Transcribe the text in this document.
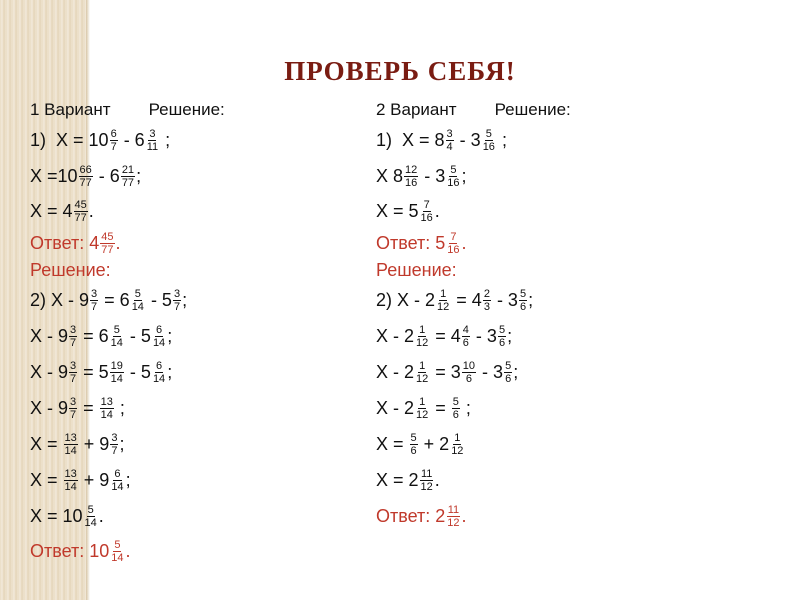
ПРОВЕРЬ СЕБЯ!
1 Вариант Решение:
1)  $X = 10 \frac{6}{7} - 6 \frac{3}{11}$ ;
$X =10 \frac{66}{77} - 6 \frac{21}{77}$ ;
$X = 4 \frac{45}{77}$ .
Ответ: $4 \frac{45}{77}$ .
Решение:
2) $X - 9 \frac{3}{7} = 6 \frac{5}{14} - 5 \frac{3}{7}$ ;
$X - 9 \frac{3}{7} = 6 \frac{5}{14} - 5 \frac{6}{14}$ ;
$X - 9 \frac{3}{7} = 5 \frac{19}{14} - 5 \frac{6}{14}$ ;
$X - 9 \frac{3}{7} = \frac{13}{14}$ ;
$X = \frac{13}{14} + 9 \frac{3}{7}$ ;
$X = \frac{13}{14} + 9 \frac{6}{14}$ ;
$X = 10 \frac{5}{14}$ .
Ответ: $10 \frac{5}{14}$ .
2 Вариант Решение:
1)  $X = 8 \frac{3}{4} - 3 \frac{5}{16}$ ;
X $8 \frac{12}{16} - 3 \frac{5}{16}$ ;
$X = 5 \frac{7}{16}$ .
Ответ: $5 \frac{7}{16}$ .
Решение:
2) $X - 2 \frac{1}{12} = 4 \frac{2}{3} - 3 \frac{5}{6}$ ;
$X - 2 \frac{1}{12} = 4 \frac{4}{6} - 3 \frac{5}{6}$ ;
$X - 2 \frac{1}{12} = 3 \frac{10}{6} - 3 \frac{5}{6}$ ;
$X - 2 \frac{1}{12} = \frac{5}{6}$ ;
$X = \frac{5}{6} + 2 \frac{1}{12}$
$X = 2 \frac{11}{12}$ .
Ответ: $2 \frac{11}{12}$ .
